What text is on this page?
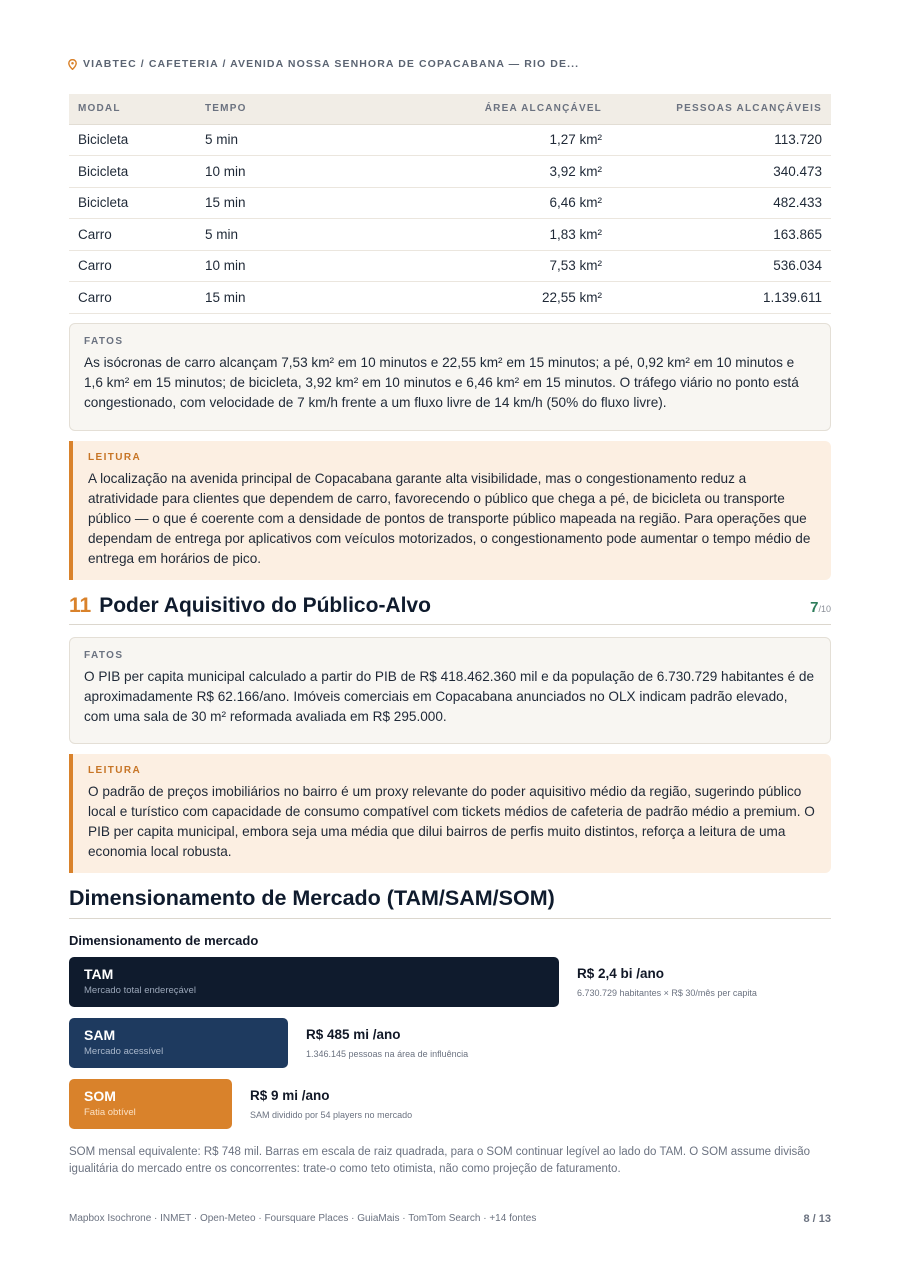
VIABTEC / CAFETERIA / AVENIDA NOSSA SENHORA DE COPACABANA — RIO DE...
MODAL	TEMPO	ÁREA ALCANÇÁVEL	PESSOAS ALCANÇÁVEIS
Bicicleta	5 min	1,27 km²	113.720
Bicicleta	10 min	3,92 km²	340.473
Bicicleta	15 min	6,46 km²	482.433
Carro	5 min	1,83 km²	163.865
Carro	10 min	7,53 km²	536.034
Carro	15 min	22,55 km²	1.139.611
FATOS
As isócronas de carro alcançam 7,53 km² em 10 minutos e 22,55 km² em 15 minutos; a pé, 0,92 km² em 10 minutos e 1,6 km² em 15 minutos; de bicicleta, 3,92 km² em 10 minutos e 6,46 km² em 15 minutos. O tráfego viário no ponto está congestionado, com velocidade de 7 km/h frente a um fluxo livre de 14 km/h (50% do fluxo livre).
LEITURA
A localização na avenida principal de Copacabana garante alta visibilidade, mas o congestionamento reduz a atratividade para clientes que dependem de carro, favorecendo o público que chega a pé, de bicicleta ou transporte público — o que é coerente com a densidade de pontos de transporte público mapeada na região. Para operações que dependam de entrega por aplicativos com veículos motorizados, o congestionamento pode aumentar o tempo médio de entrega em horários de pico.
11 Poder Aquisitivo do Público-Alvo	7/10
FATOS
O PIB per capita municipal calculado a partir do PIB de R$ 418.462.360 mil e da população de 6.730.729 habitantes é de aproximadamente R$ 62.166/ano. Imóveis comerciais em Copacabana anunciados no OLX indicam padrão elevado, com uma sala de 30 m² reformada avaliada em R$ 295.000.
LEITURA
O padrão de preços imobiliários no bairro é um proxy relevante do poder aquisitivo médio da região, sugerindo público local e turístico com capacidade de consumo compatível com tickets médios de cafeteria de padrão médio a premium. O PIB per capita municipal, embora seja uma média que dilui bairros de perfis muito distintos, reforça a leitura de uma economia local robusta.
Dimensionamento de Mercado (TAM/SAM/SOM)
Dimensionamento de mercado
TAM
Mercado total endereçável
R$ 2,4 bi /ano
6.730.729 habitantes × R$ 30/mês per capita
SAM
Mercado acessível
R$ 485 mi /ano
1.346.145 pessoas na área de influência
SOM
Fatia obtível
R$ 9 mi /ano
SAM dividido por 54 players no mercado
SOM mensal equivalente: R$ 748 mil. Barras em escala de raiz quadrada, para o SOM continuar legível ao lado do TAM. O SOM assume divisão igualitária do mercado entre os concorrentes: trate-o como teto otimista, não como projeção de faturamento.
Mapbox Isochrone · INMET · Open-Meteo · Foursquare Places · GuiaMais · TomTom Search · +14 fontes	8 / 13
